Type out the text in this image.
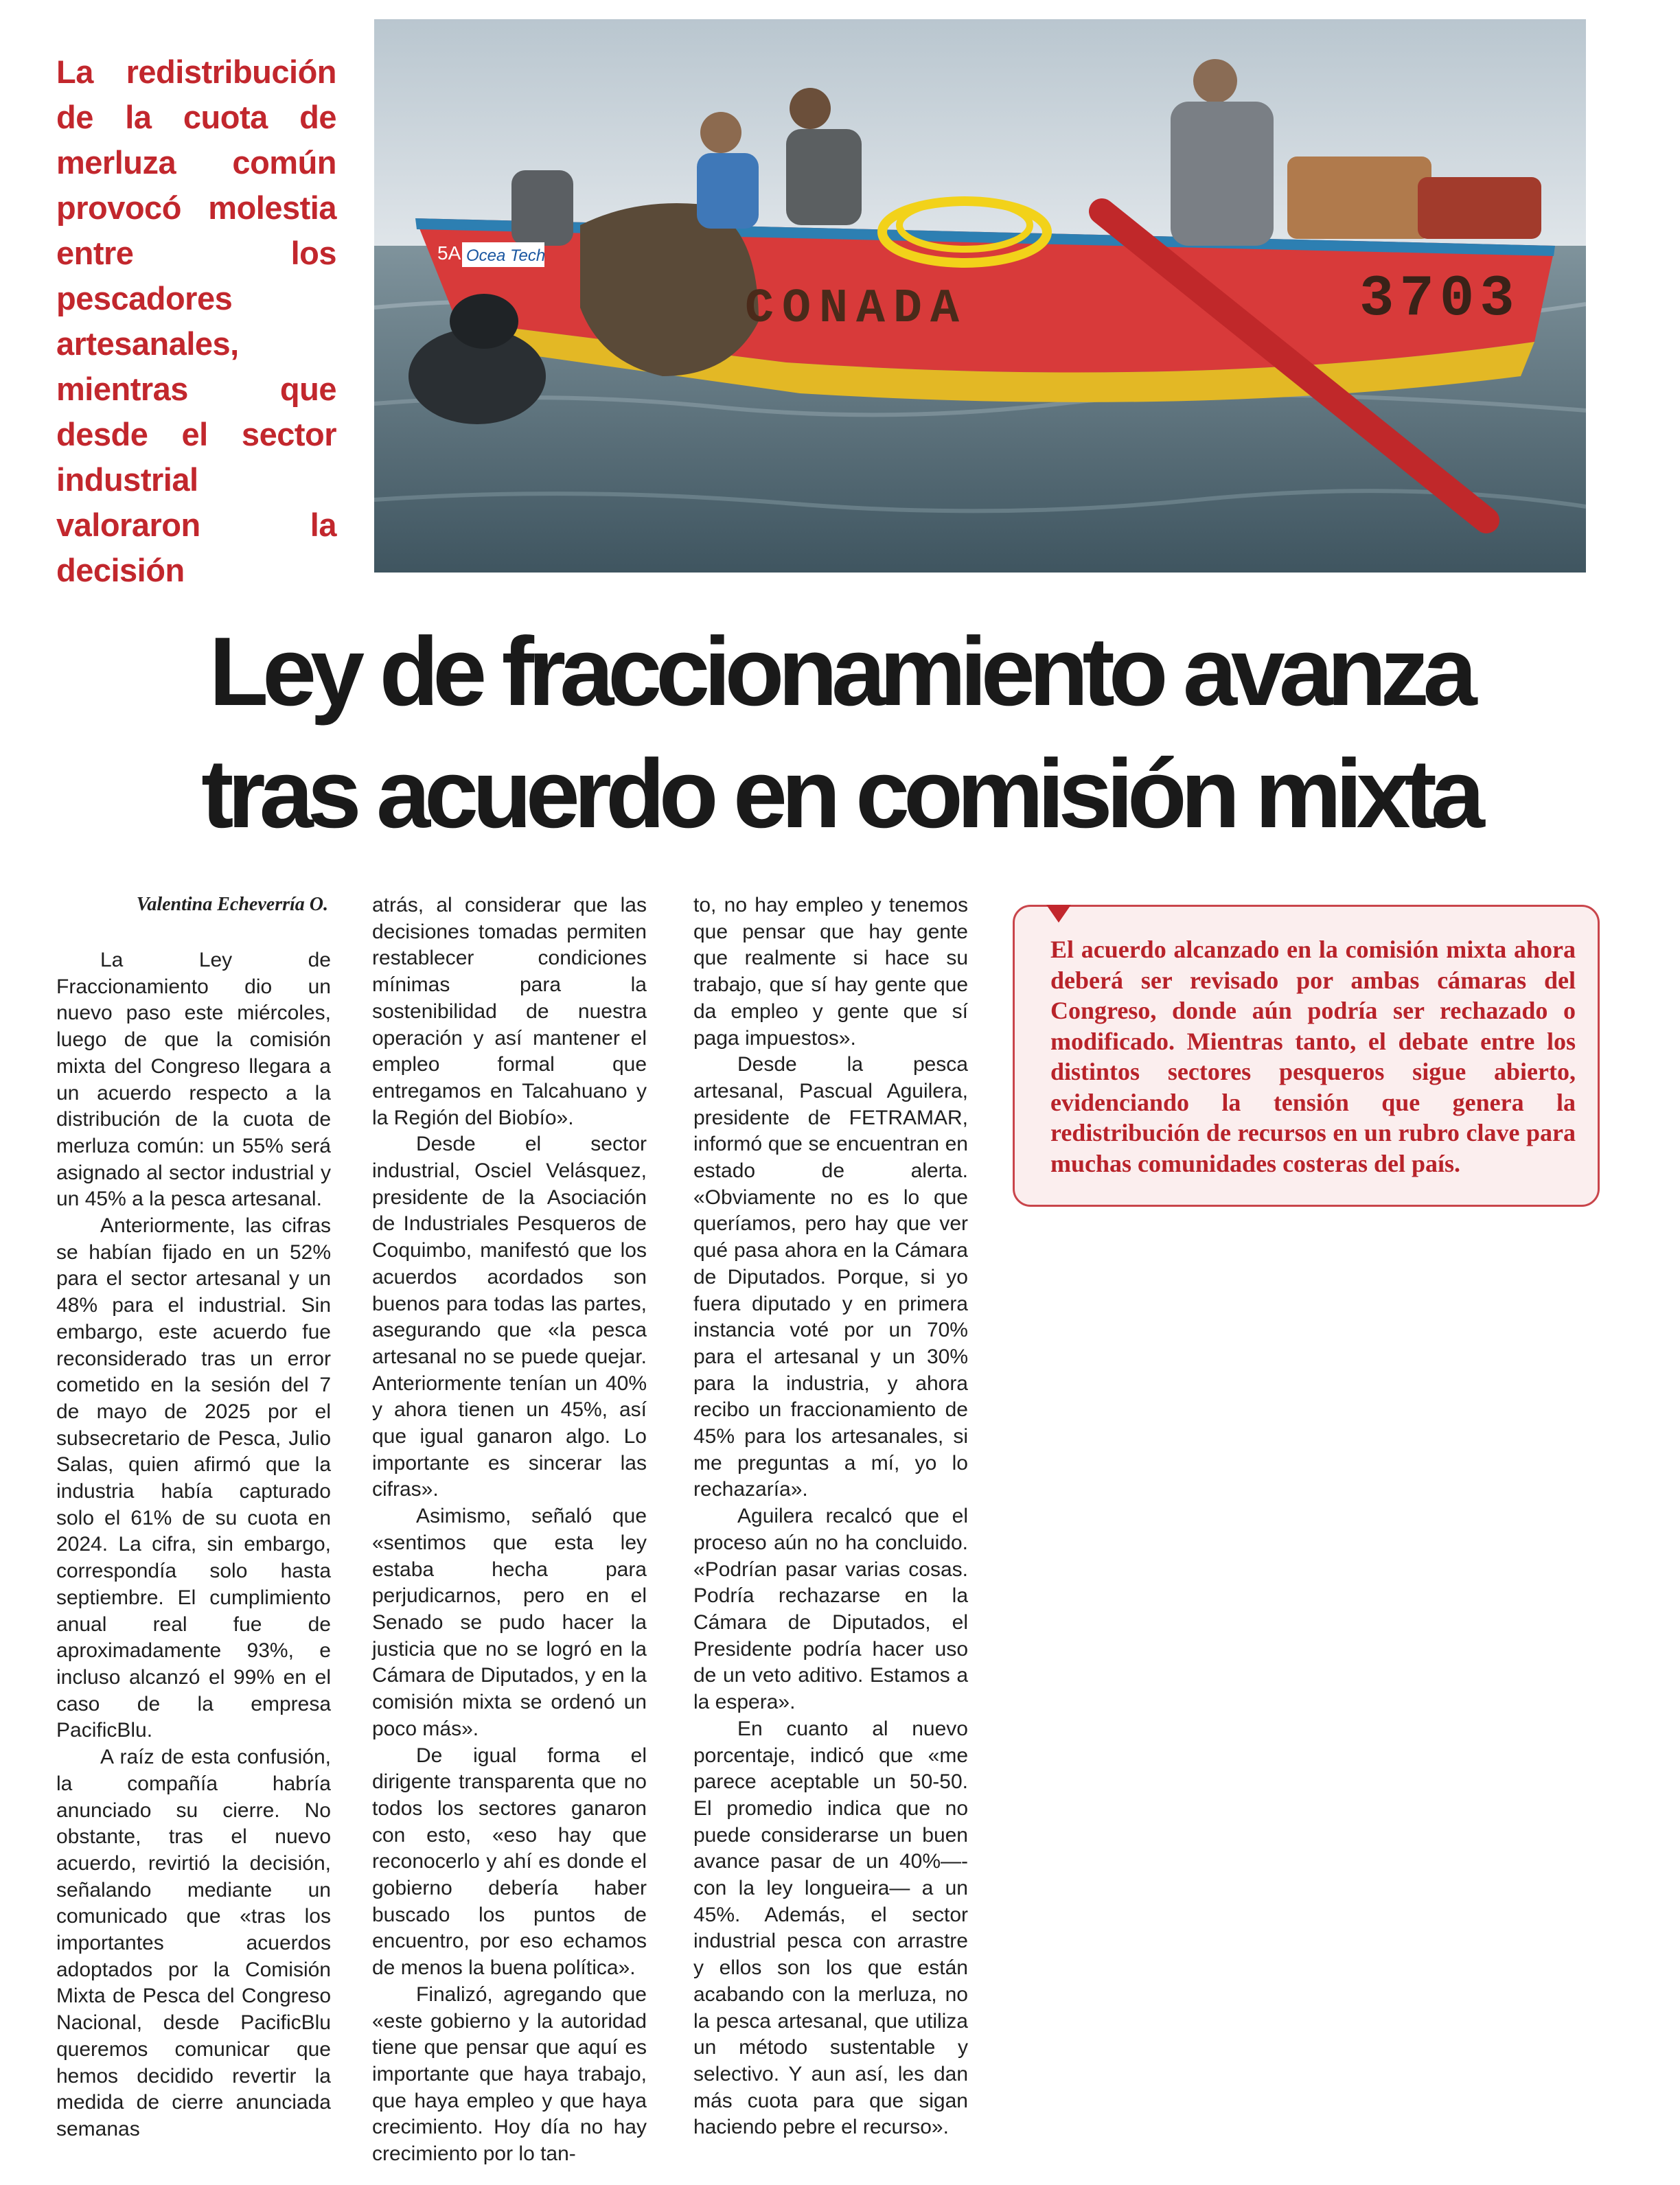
La redistribución de la cuota de merluza común provocó molestia entre los pescadores artesanales, mientras que desde el sector industrial valoraron la decisión
CONADA	3703
5A Ocea Tech
Ley de fraccionamiento avanza
tras acuerdo en comisión mixta
Valentina Echeverría O.

La Ley de Fraccionamiento dio un nuevo paso este miércoles, luego de que la comisión mixta del Congreso llegara a un acuerdo respecto a la distribución de la cuota de merluza común: un 55% será asignado al sector industrial y un 45% a la pesca artesanal.

Anteriormente, las cifras se habían fijado en un 52% para el sector artesanal y un 48% para el industrial. Sin embargo, este acuerdo fue reconsiderado tras un error cometido en la sesión del 7 de mayo de 2025 por el subsecretario de Pesca, Julio Salas, quien afirmó que la industria había capturado solo el 61% de su cuota en 2024. La cifra, sin embargo, correspondía solo hasta septiembre. El cumplimiento anual real fue de aproximadamente 93%, e incluso alcanzó el 99% en el caso de la empresa PacificBlu.

A raíz de esta confusión, la compañía habría anunciado su cierre. No obstante, tras el nuevo acuerdo, revirtió la decisión, señalando mediante un comunicado que «tras los importantes acuerdos adoptados por la Comisión Mixta de Pesca del Congreso Nacional, desde PacificBlu queremos comunicar que hemos decidido revertir la medida de cierre anunciada semanas

atrás, al considerar que las decisiones tomadas permiten restablecer condiciones mínimas para la sostenibilidad de nuestra operación y así mantener el empleo formal que entregamos en Talcahuano y la Región del Biobío».

Desde el sector industrial, Osciel Velásquez, presidente de la Asociación de Industriales Pesqueros de Coquimbo, manifestó que los acuerdos acordados son buenos para todas las partes, asegurando que «la pesca artesanal no se puede quejar. Anteriormente tenían un 40% y ahora tienen un 45%, así que igual ganaron algo. Lo importante es sincerar las cifras».

Asimismo, señaló que «sentimos que esta ley estaba hecha para perjudicarnos, pero en el Senado se pudo hacer la justicia que no se logró en la Cámara de Diputados, y en la comisión mixta se ordenó un poco más».

De igual forma el dirigente transparenta que no todos los sectores ganaron con esto, «eso hay que reconocerlo y ahí es donde el gobierno debería haber buscado los puntos de encuentro, por eso echamos de menos la buena política».

Finalizó, agregando que «este gobierno y la autoridad tiene que pensar que aquí es importante que haya trabajo, que haya empleo y que haya crecimiento. Hoy día no hay crecimiento por lo tan-

to, no hay empleo y tenemos que pensar que hay gente que realmente si hace su trabajo, que sí hay gente que da empleo y gente que sí paga impuestos».

Desde la pesca artesanal, Pascual Aguilera, presidente de FETRAMAR, informó que se encuentran en estado de alerta. «Obviamente no es lo que queríamos, pero hay que ver qué pasa ahora en la Cámara de Diputados. Porque, si yo fuera diputado y en primera instancia voté por un 70% para el artesanal y un 30% para la industria, y ahora recibo un fraccionamiento de 45% para los artesanales, si me preguntas a mí, yo lo rechazaría».

Aguilera recalcó que el proceso aún no ha concluido. «Podrían pasar varias cosas. Podría rechazarse en la Cámara de Diputados, el Presidente podría hacer uso de un veto aditivo. Estamos a la espera».

En cuanto al nuevo porcentaje, indicó que «me parece aceptable un 50-50. El promedio indica que no puede considerarse un buen avance pasar de un 40%—-con la ley longueira— a un 45%. Además, el sector industrial pesca con arrastre y ellos son los que están acabando con la merluza, no la pesca artesanal, que utiliza un método sustentable y selectivo. Y aun así, les dan más cuota para que sigan haciendo pebre el recurso».

El acuerdo alcanzado en la comisión mixta ahora deberá ser revisado por ambas cámaras del Congreso, donde aún podría ser rechazado o modificado. Mientras tanto, el debate entre los distintos sectores pesqueros sigue abierto, evidenciando la tensión que genera la redistribución de recursos en un rubro clave para muchas comunidades costeras del país.
